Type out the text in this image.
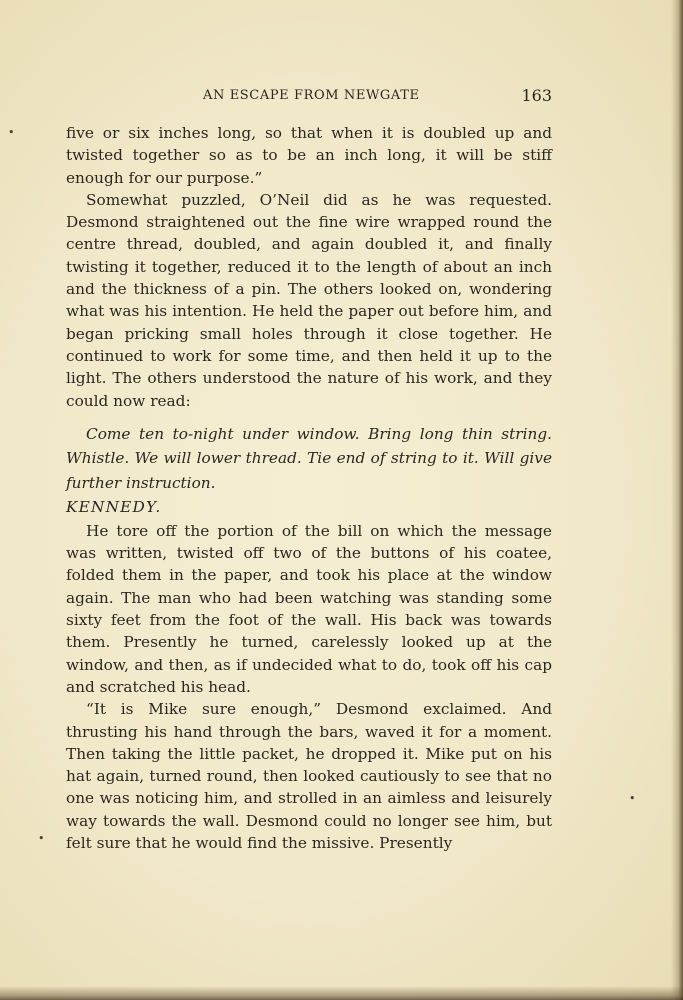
AN ESCAPE FROM NEWGATE	163

five or six inches long, so that when it is doubled up and twisted together so as to be an inch long, it will be stiff enough for our purpose.”

Somewhat puzzled, O’Neil did as he was requested. Desmond straightened out the fine wire wrapped round the centre thread, doubled, and again doubled it, and finally twisting it together, reduced it to the length of about an inch and the thickness of a pin. The others looked on, wondering what was his intention. He held the paper out before him, and began pricking small holes through it close together. He continued to work for some time, and then held it up to the light. The others understood the nature of his work, and they could now read:

Come ten to-night under window. Bring long thin string. Whistle. We will lower thread. Tie end of string to it. Will give further instruction.

KENNEDY.

He tore off the portion of the bill on which the message was written, twisted off two of the buttons of his coatee, folded them in the paper, and took his place at the window again. The man who had been watching was standing some sixty feet from the foot of the wall. His back was towards them. Presently he turned, carelessly looked up at the window, and then, as if undecided what to do, took off his cap and scratched his head.

“It is Mike sure enough,” Desmond exclaimed. And thrusting his hand through the bars, waved it for a moment. Then taking the little packet, he dropped it. Mike put on his hat again, turned round, then looked cautiously to see that no one was noticing him, and strolled in an aimless and leisurely way towards the wall. Desmond could no longer see him, but felt sure that he would find the missive. Presently

•
•
•
